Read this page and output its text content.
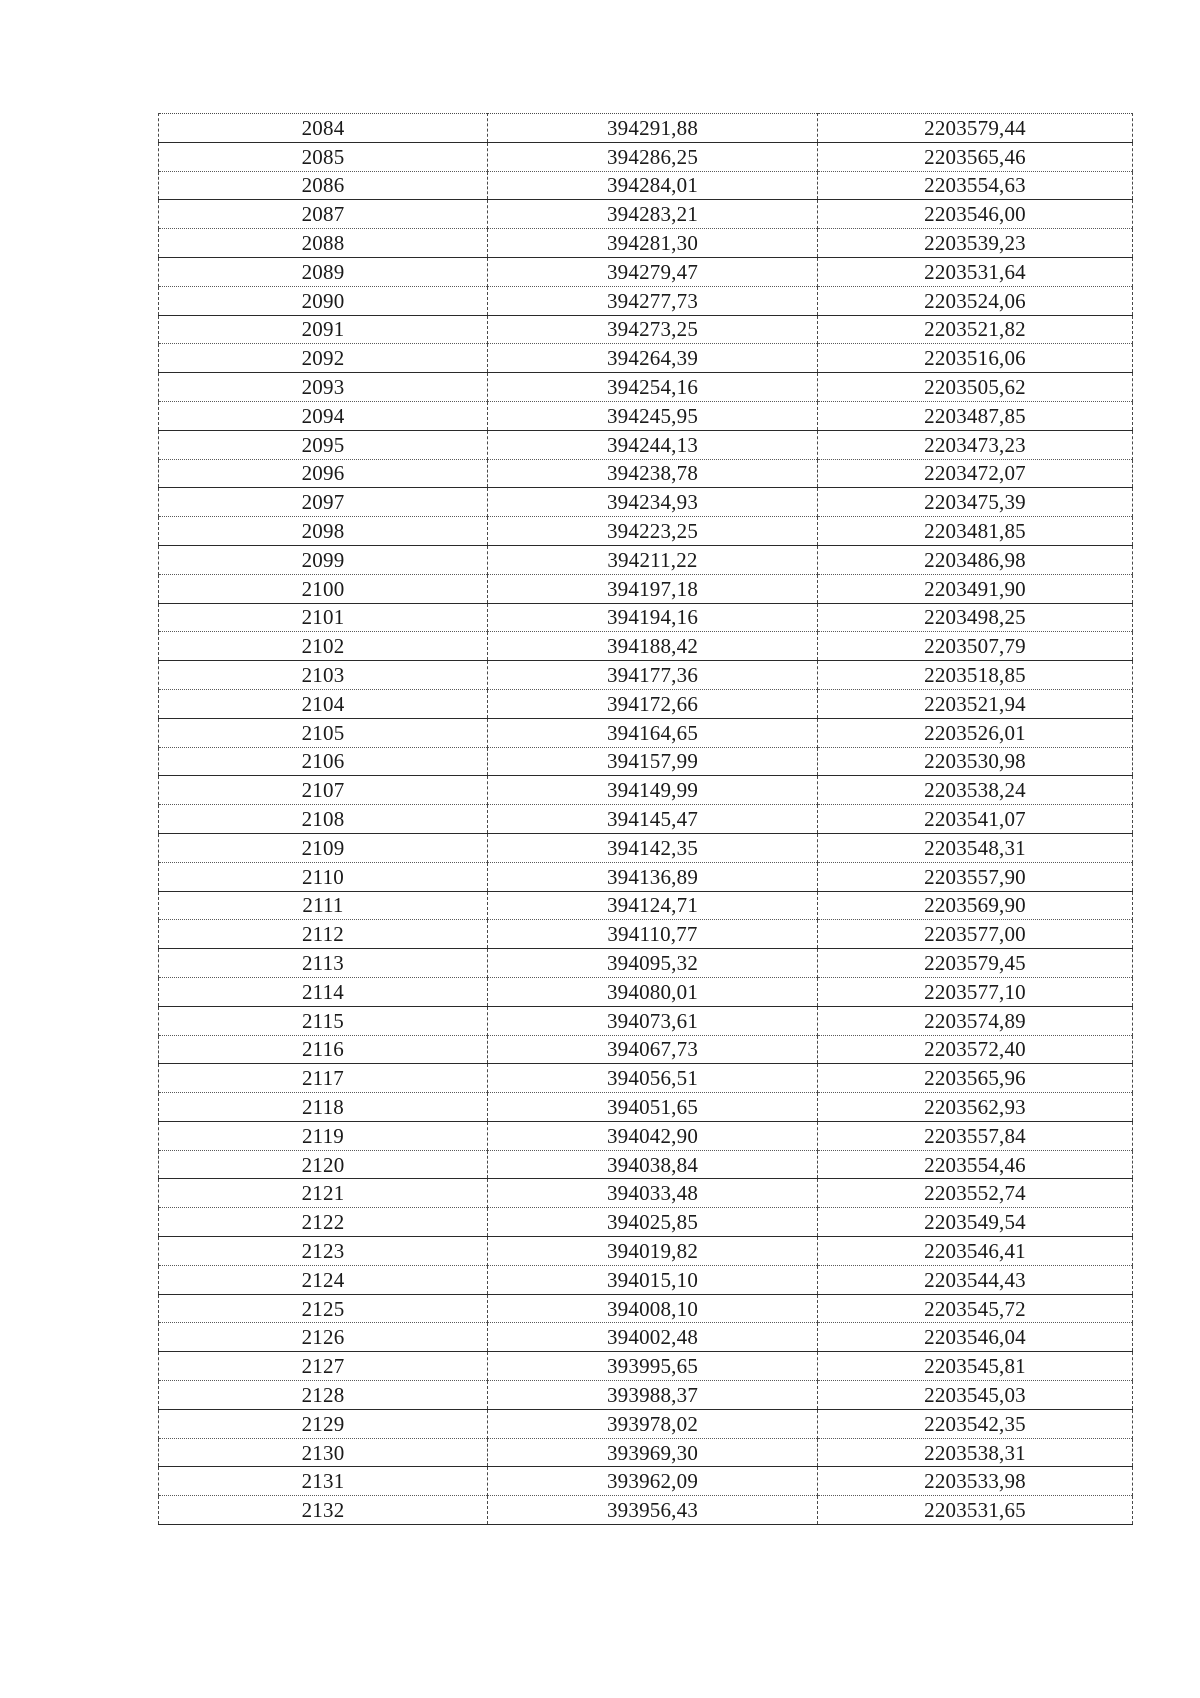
2084	394291,88	2203579,44
2085	394286,25	2203565,46
2086	394284,01	2203554,63
2087	394283,21	2203546,00
2088	394281,30	2203539,23
2089	394279,47	2203531,64
2090	394277,73	2203524,06
2091	394273,25	2203521,82
2092	394264,39	2203516,06
2093	394254,16	2203505,62
2094	394245,95	2203487,85
2095	394244,13	2203473,23
2096	394238,78	2203472,07
2097	394234,93	2203475,39
2098	394223,25	2203481,85
2099	394211,22	2203486,98
2100	394197,18	2203491,90
2101	394194,16	2203498,25
2102	394188,42	2203507,79
2103	394177,36	2203518,85
2104	394172,66	2203521,94
2105	394164,65	2203526,01
2106	394157,99	2203530,98
2107	394149,99	2203538,24
2108	394145,47	2203541,07
2109	394142,35	2203548,31
2110	394136,89	2203557,90
2111	394124,71	2203569,90
2112	394110,77	2203577,00
2113	394095,32	2203579,45
2114	394080,01	2203577,10
2115	394073,61	2203574,89
2116	394067,73	2203572,40
2117	394056,51	2203565,96
2118	394051,65	2203562,93
2119	394042,90	2203557,84
2120	394038,84	2203554,46
2121	394033,48	2203552,74
2122	394025,85	2203549,54
2123	394019,82	2203546,41
2124	394015,10	2203544,43
2125	394008,10	2203545,72
2126	394002,48	2203546,04
2127	393995,65	2203545,81
2128	393988,37	2203545,03
2129	393978,02	2203542,35
2130	393969,30	2203538,31
2131	393962,09	2203533,98
2132	393956,43	2203531,65
